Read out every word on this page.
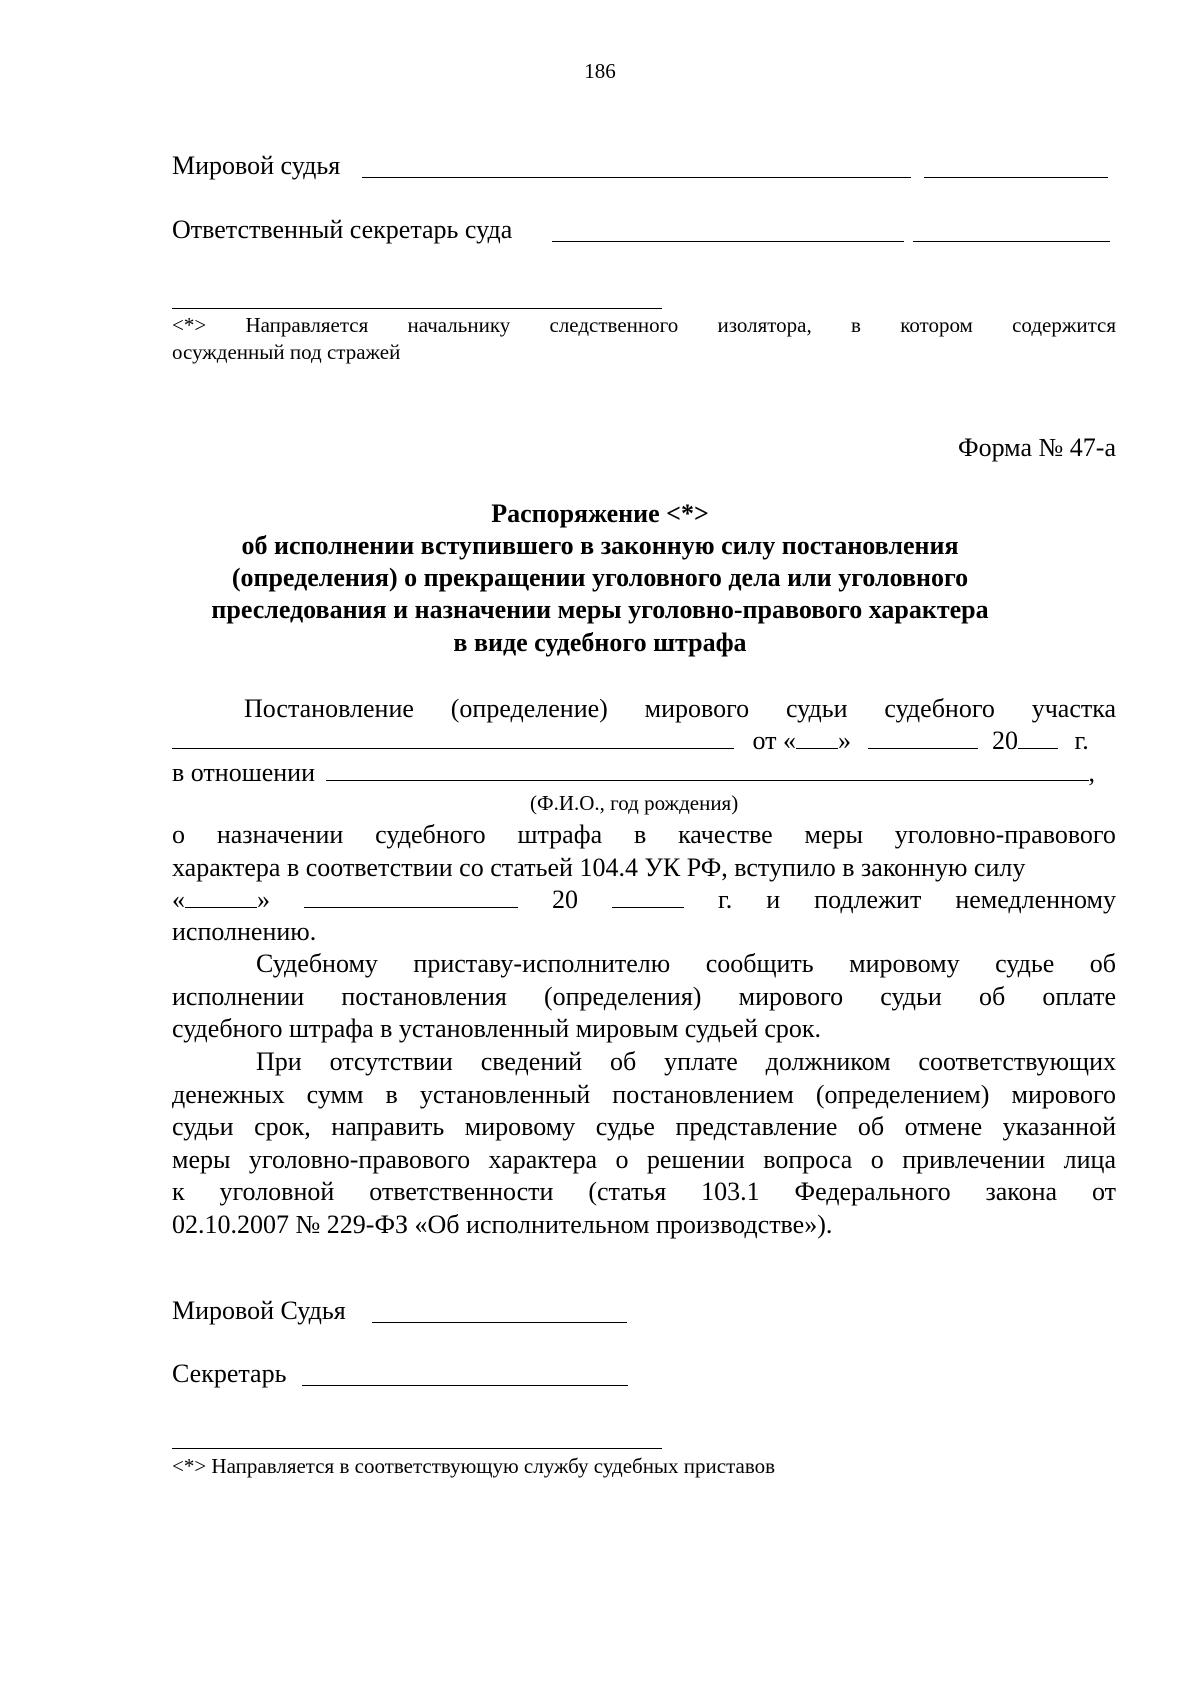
186
Мировой судья
Ответственный секретарь суда
<*> Направляется начальнику следственного изолятора, в котором содержится
осужденный под стражей
Форма № 47-а
Распоряжение <*>
об исполнении вступившего в законную силу постановления
(определения) о прекращении уголовного дела или уголовного
преследования и назначении меры уголовно-правового характера
в виде судебного штрафа
Постановление (определение) мирового судьи судебного участка
от « »	20 г.
в отношении	,
(Ф.И.О., год рождения)
о назначении судебного штрафа в качестве меры уголовно-правового
характера в соответствии со статьей 104.4 УК РФ, вступило в законную силу
«	»	20	г. и подлежит немедленному
исполнению.
Судебному приставу-исполнителю сообщить мировому судье об
исполнении постановления (определения) мирового судьи об оплате
судебного штрафа в установленный мировым судьей срок.
При отсутствии сведений об уплате должником соответствующих
денежных сумм в установленный постановлением (определением) мирового
судьи срок, направить мировому судье представление об отмене указанной
меры уголовно-правового характера о решении вопроса о привлечении лица
к уголовной ответственности (статья 103.1 Федерального закона от
02.10.2007 № 229-ФЗ «Об исполнительном производстве»).
Мировой Судья
Секретарь
<*> Направляется в соответствующую службу судебных приставов
